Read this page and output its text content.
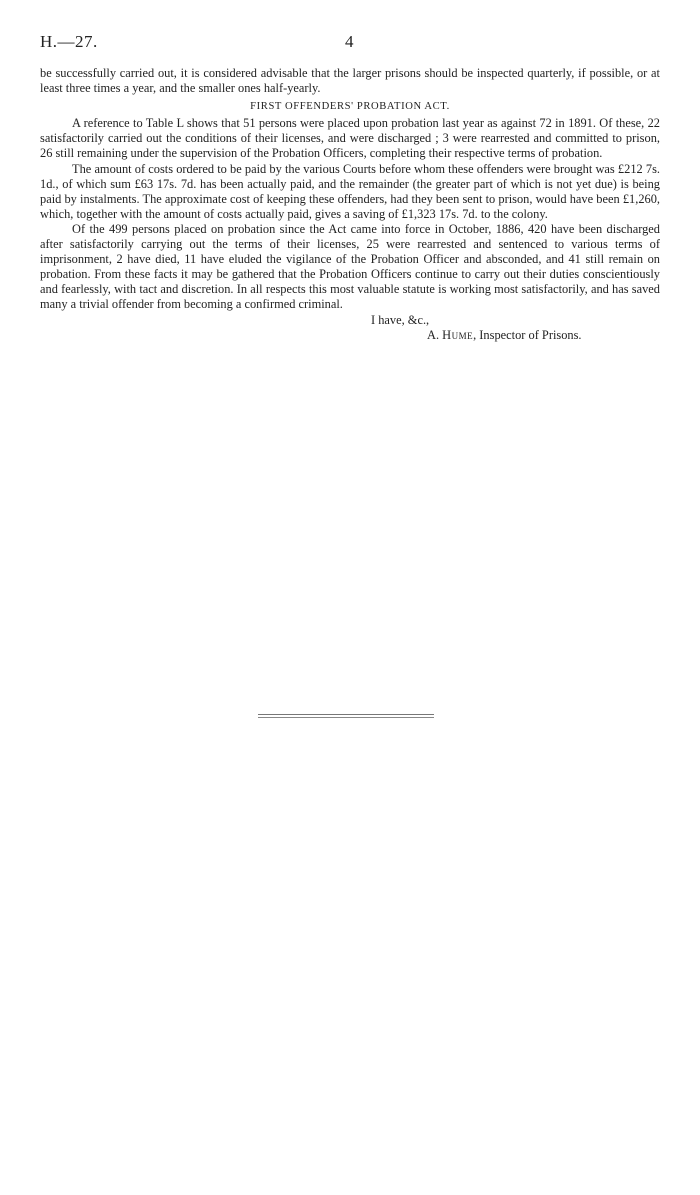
H.—27.	4

be successfully carried out, it is considered advisable that the larger prisons should be inspected quarterly, if possible, or at least three times a year, and the smaller ones half-yearly.

FIRST OFFENDERS' PROBATION ACT.

A reference to Table L shows that 51 persons were placed upon probation last year as against 72 in 1891. Of these, 22 satisfactorily carried out the conditions of their licenses, and were discharged ; 3 were rearrested and committed to prison, 26 still remaining under the supervision of the Probation Officers, completing their respective terms of probation.

The amount of costs ordered to be paid by the various Courts before whom these offenders were brought was £212 7s. 1d., of which sum £63 17s. 7d. has been actually paid, and the remainder (the greater part of which is not yet due) is being paid by instalments. The approximate cost of keeping these offenders, had they been sent to prison, would have been £1,260, which, together with the amount of costs actually paid, gives a saving of £1,323 17s. 7d. to the colony.

Of the 499 persons placed on probation since the Act came into force in October, 1886, 420 have been discharged after satisfactorily carrying out the terms of their licenses, 25 were rearrested and sentenced to various terms of imprisonment, 2 have died, 11 have eluded the vigilance of the Probation Officer and absconded, and 41 still remain on probation. From these facts it may be gathered that the Probation Officers continue to carry out their duties conscientiously and fearlessly, with tact and discretion. In all respects this most valuable statute is working most satisfactorily, and has saved many a trivial offender from becoming a confirmed criminal.

I have, &c.,
A. Hume, Inspector of Prisons.
